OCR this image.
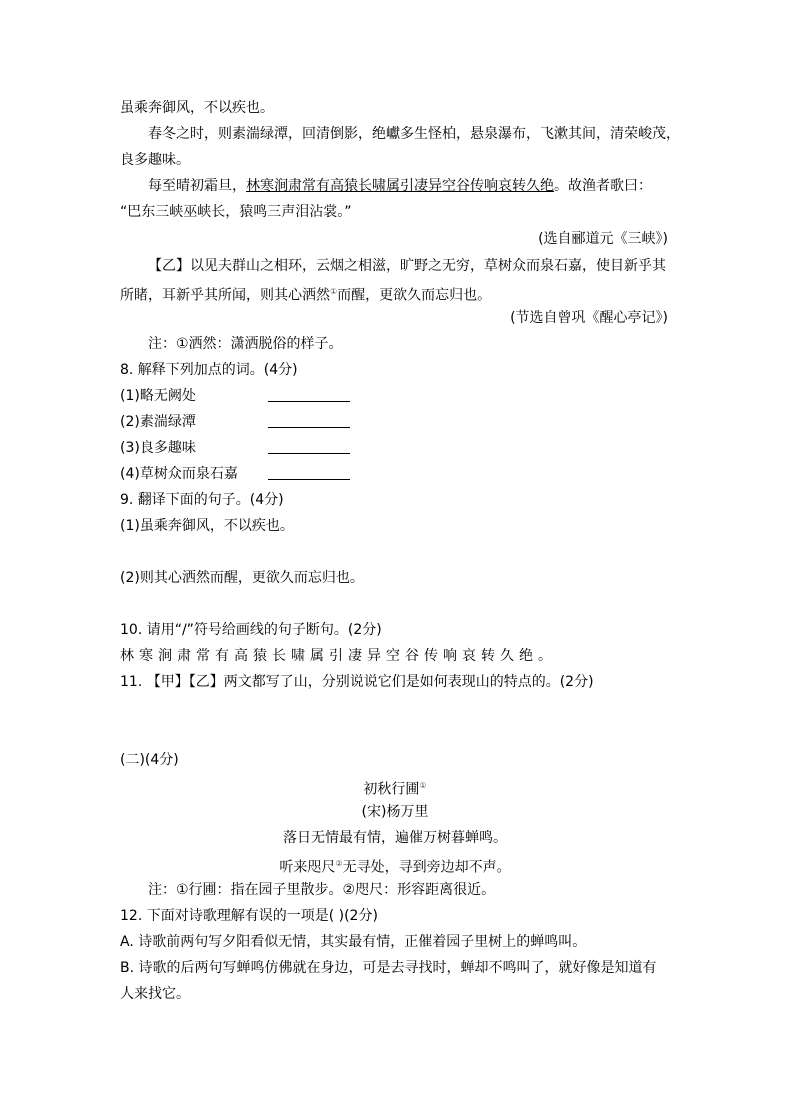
虽乘奔御风，不以疾也。
春冬之时，则素湍绿潭，回清倒影，绝巘多生怪柏，悬泉瀑布，飞漱其间，清荣峻茂，
良多趣味。
每至晴初霜旦，林寒涧肃常有高猿长啸属引凄异空谷传响哀转久绝。故渔者歌曰：
“巴东三峡巫峡长，猿鸣三声泪沾裳。”
(选自郦道元《三峡》)
【乙】以见夫群山之相环，云烟之相滋，旷野之无穷，草树众而泉石嘉，使目新乎其
所睹，耳新乎其所闻，则其心洒然①而醒，更欲久而忘归也。
(节选自曾巩《醒心亭记》)
注：①洒然：潇洒脱俗的样子。
8. 解释下列加点的词。(4分)
(1)略无阙处
(2)素湍绿潭
(3)良多趣味
(4)草树众而泉石嘉
9. 翻译下面的句子。(4分)
(1)虽乘奔御风，不以疾也。
(2)则其心洒然而醒，更欲久而忘归也。
10. 请用“/”符号给画线的句子断句。(2分)
林寒涧肃常有高猿长啸属引凄异空谷传响哀转久绝。
11. 【甲】【乙】两文都写了山，分别说说它们是如何表现山的特点的。(2分)
(二)(4分)
初秋行圃①
(宋)杨万里
落日无情最有情，遍催万树暮蝉鸣。
听来咫尺②无寻处，寻到旁边却不声。
注：①行圃：指在园子里散步。②咫尺：形容距离很近。
12. 下面对诗歌理解有误的一项是( )(2分)
A. 诗歌前两句写夕阳看似无情，其实最有情，正催着园子里树上的蝉鸣叫。
B. 诗歌的后两句写蝉鸣仿佛就在身边，可是去寻找时，蝉却不鸣叫了，就好像是知道有
人来找它。
